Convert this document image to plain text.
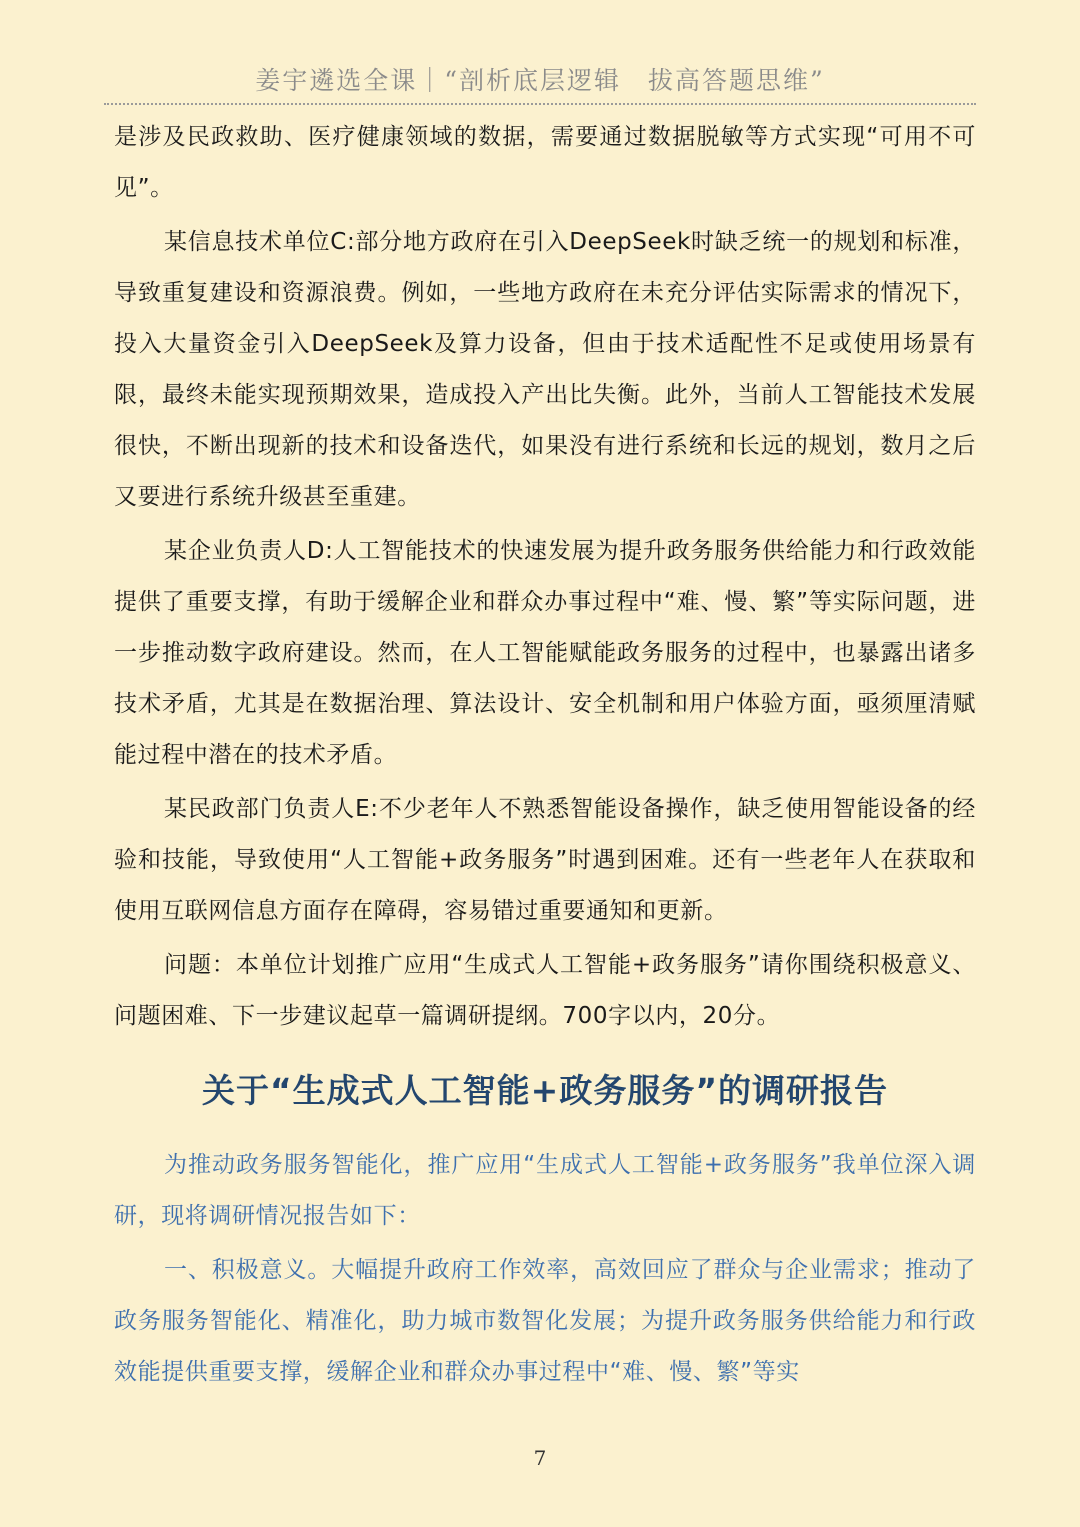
姜宇遴选全课｜“剖析底层逻辑　拔高答题思维”

是涉及民政救助、医疗健康领域的数据，需要通过数据脱敏等方式实现“可用不可见”。

某信息技术单位C:部分地方政府在引入DeepSeek时缺乏统一的规划和标准，导致重复建设和资源浪费。例如，一些地方政府在未充分评估实际需求的情况下，投入大量资金引入DeepSeek及算力设备，但由于技术适配性不足或使用场景有限，最终未能实现预期效果，造成投入产出比失衡。此外，当前人工智能技术发展很快，不断出现新的技术和设备迭代，如果没有进行系统和长远的规划，数月之后又要进行系统升级甚至重建。

某企业负责人D:人工智能技术的快速发展为提升政务服务供给能力和行政效能提供了重要支撑，有助于缓解企业和群众办事过程中“难、慢、繁”等实际问题，进一步推动数字政府建设。然而，在人工智能赋能政务服务的过程中，也暴露出诸多技术矛盾，尤其是在数据治理、算法设计、安全机制和用户体验方面，亟须厘清赋能过程中潜在的技术矛盾。

某民政部门负责人E:不少老年人不熟悉智能设备操作，缺乏使用智能设备的经验和技能，导致使用“人工智能+政务服务”时遇到困难。还有一些老年人在获取和使用互联网信息方面存在障碍，容易错过重要通知和更新。

问题：本单位计划推广应用“生成式人工智能+政务服务”请你围绕积极意义、问题困难、下一步建议起草一篇调研提纲。700字以内，20分。

关于“生成式人工智能+政务服务”的调研报告

为推动政务服务智能化，推广应用“生成式人工智能+政务服务”我单位深入调研，现将调研情况报告如下：

一、积极意义。大幅提升政府工作效率，高效回应了群众与企业需求；推动了政务服务智能化、精准化，助力城市数智化发展；为提升政务服务供给能力和行政效能提供重要支撑，缓解企业和群众办事过程中“难、慢、繁”等实

7
